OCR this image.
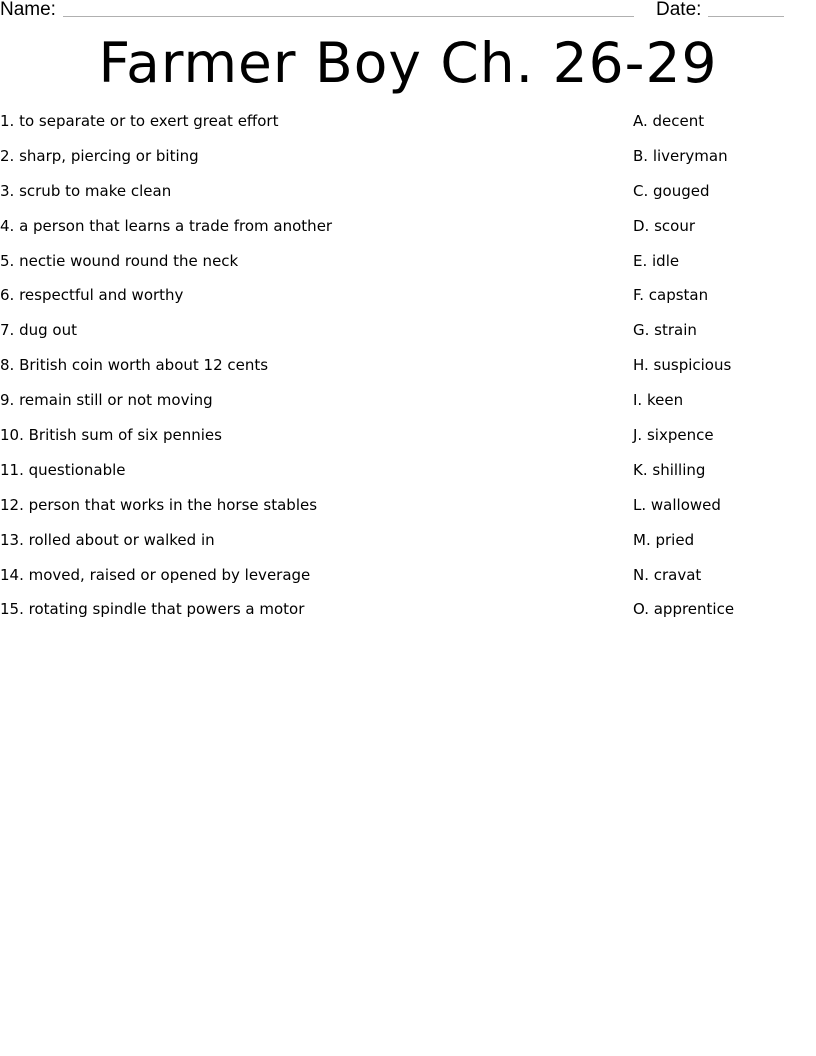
Name:	Date:
Farmer Boy Ch. 26-29
1. to separate or to exert great effort
2. sharp, piercing or biting
3. scrub to make clean
4. a person that learns a trade from another
5. nectie wound round the neck
6. respectful and worthy
7. dug out
8. British coin worth about 12 cents
9. remain still or not moving
10. British sum of six pennies
11. questionable
12. person that works in the horse stables
13. rolled about or walked in
14. moved, raised or opened by leverage
15. rotating spindle that powers a motor
A. decent
B. liveryman
C. gouged
D. scour
E. idle
F. capstan
G. strain
H. suspicious
I. keen
J. sixpence
K. shilling
L. wallowed
M. pried
N. cravat
O. apprentice
